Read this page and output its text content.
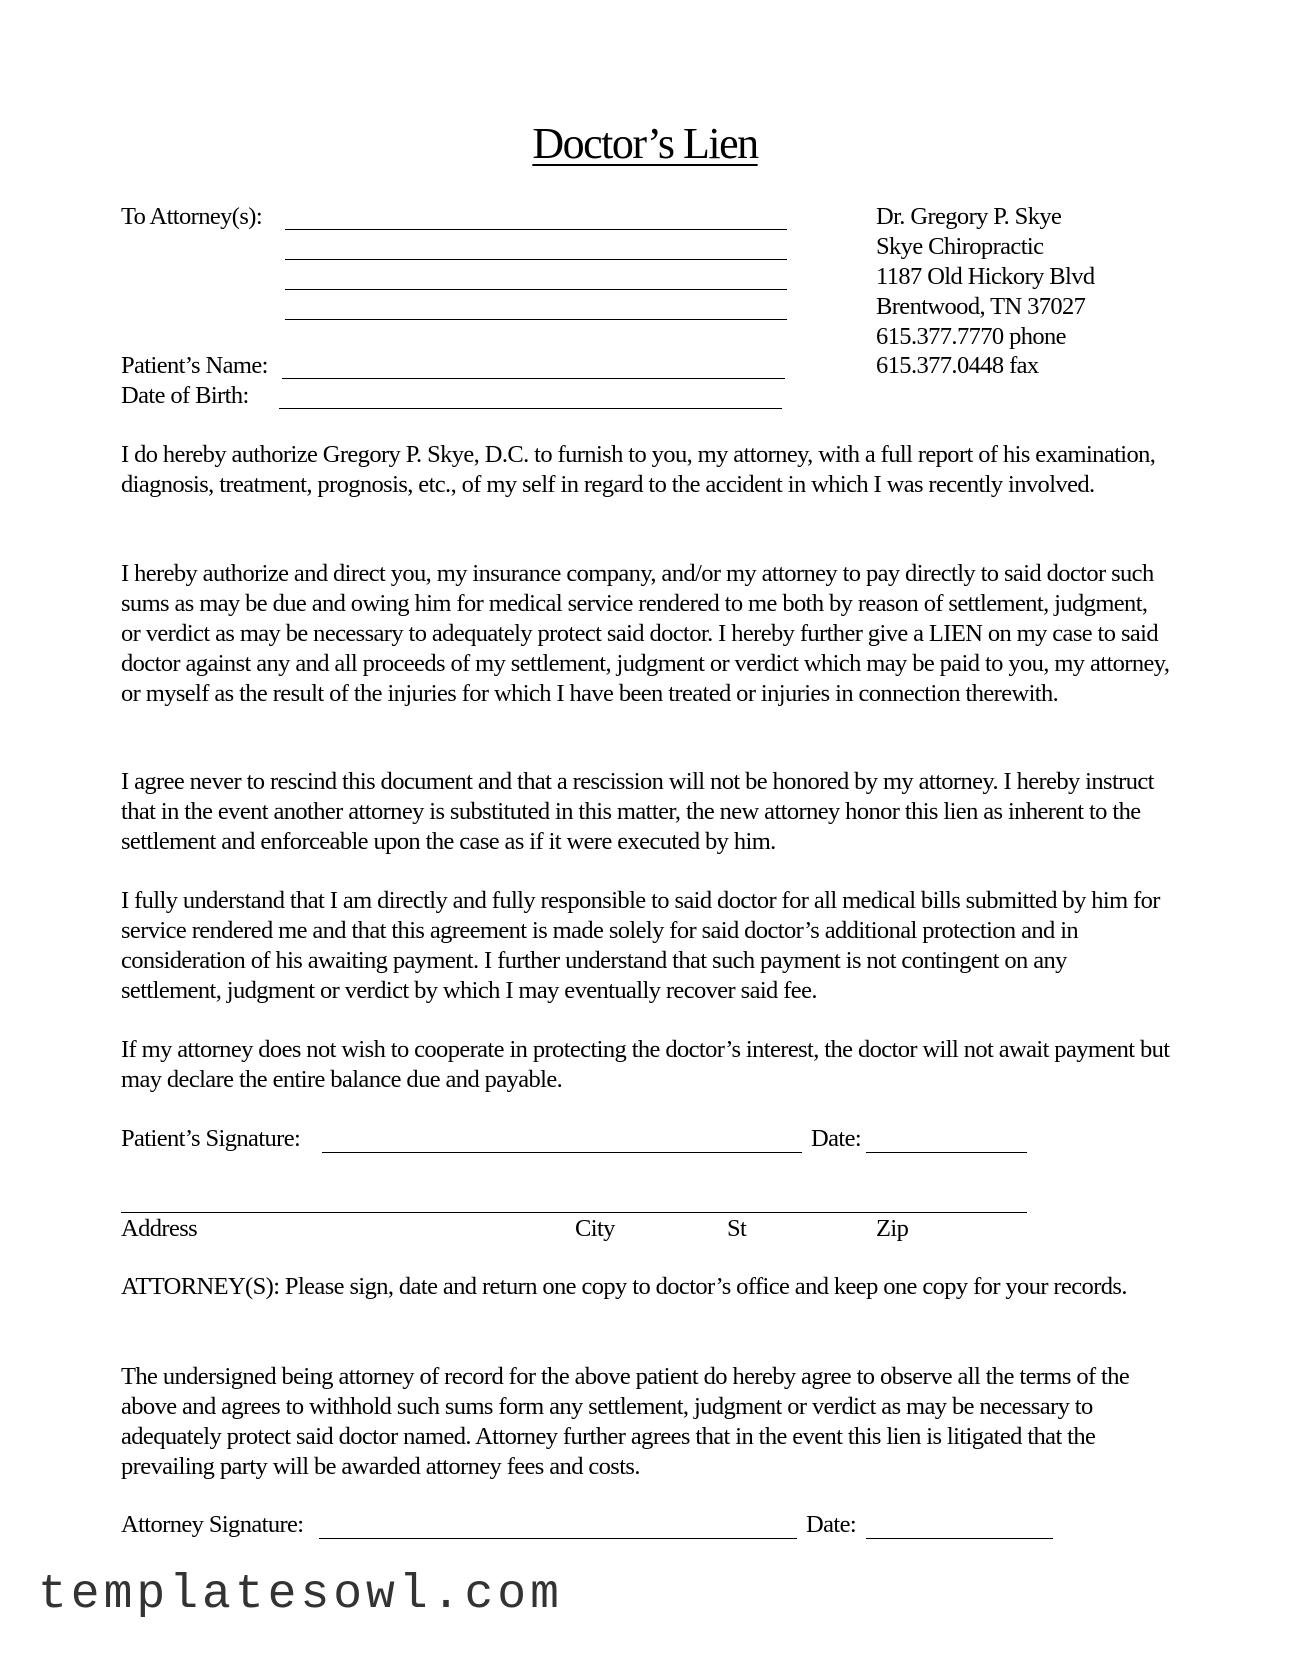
Doctor’s Lien
To Attorney(s):
Patient’s Name:
Date of Birth:
Dr. Gregory P. Skye
Skye Chiropractic
1187 Old Hickory Blvd
Brentwood, TN 37027
615.377.7770 phone
615.377.0448 fax

I do hereby authorize Gregory P. Skye, D.C. to furnish to you, my attorney, with a full report of his examination, diagnosis, treatment, prognosis, etc., of my self in regard to the accident in which I was recently involved.

I hereby authorize and direct you, my insurance company, and/or my attorney to pay directly to said doctor such sums as may be due and owing him for medical service rendered to me both by reason of settlement, judgment, or verdict as may be necessary to adequately protect said doctor. I hereby further give a LIEN on my case to said doctor against any and all proceeds of my settlement, judgment or verdict which may be paid to you, my attorney, or myself as the result of the injuries for which I have been treated or injuries in connection therewith.

I agree never to rescind this document and that a rescission will not be honored by my attorney. I hereby instruct that in the event another attorney is substituted in this matter, the new attorney honor this lien as inherent to the settlement and enforceable upon the case as if it were executed by him.

I fully understand that I am directly and fully responsible to said doctor for all medical bills submitted by him for service rendered me and that this agreement is made solely for said doctor’s additional protection and in consideration of his awaiting payment. I further understand that such payment is not contingent on any settlement, judgment or verdict by which I may eventually recover said fee.

If my attorney does not wish to cooperate in protecting the doctor’s interest, the doctor will not await payment but may declare the entire balance due and payable.

Patient’s Signature:	Date:
Address	City	St	Zip

ATTORNEY(S): Please sign, date and return one copy to doctor’s office and keep one copy for your records.

The undersigned being attorney of record for the above patient do hereby agree to observe all the terms of the above and agrees to withhold such sums form any settlement, judgment or verdict as may be necessary to adequately protect said doctor named. Attorney further agrees that in the event this lien is litigated that the prevailing party will be awarded attorney fees and costs.

Attorney Signature:	Date:
templatesowl.com
